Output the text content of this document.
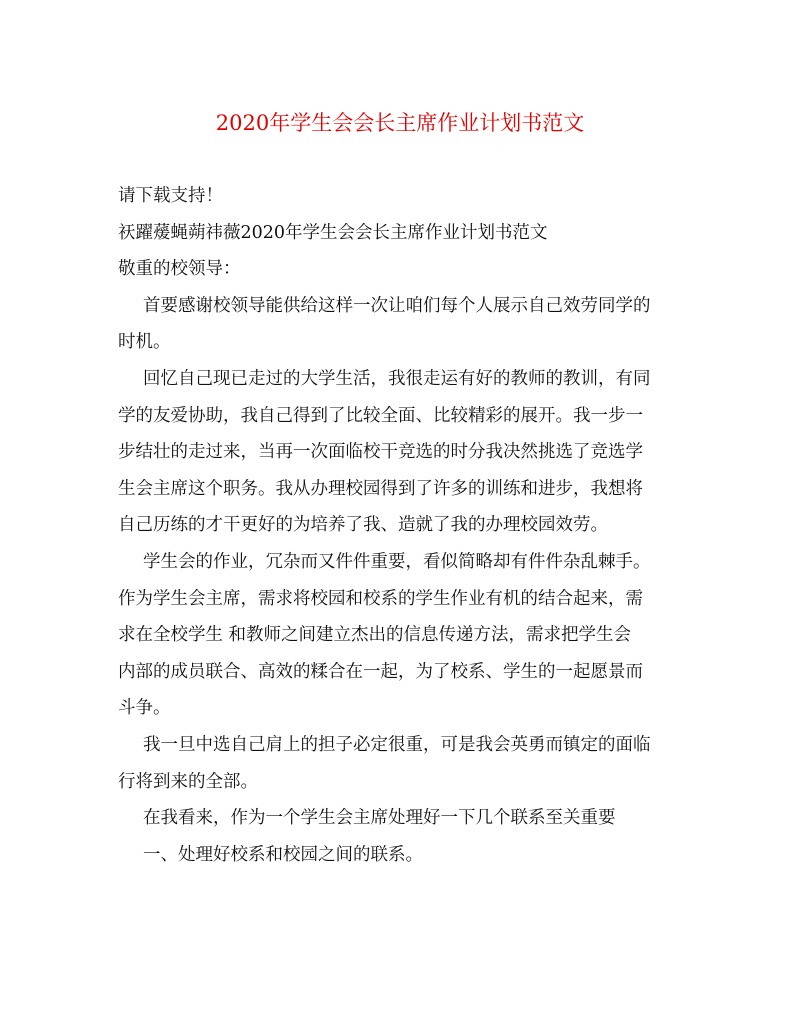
2020年学生会会长主席作业计划书范文

请下载支持！

祆躍蕿蝇蒴祎薇2020年学生会会长主席作业计划书范文

敬重的校领导：

首要感谢校领导能供给这样一次让咱们每个人展示自己效劳同学的

时机。

回忆自己现已走过的大学生活，我很走运有好的教师的教训，有同

学的友爱协助，我自己得到了比较全面、比较精彩的展开。我一步一

步结壮的走过来，当再一次面临校干竞选的时分我决然挑选了竞选学

生会主席这个职务。我从办理校园得到了许多的训练和进步，我想将

自己历练的才干更好的为培养了我、造就了我的办理校园效劳。

学生会的作业，冗杂而又件件重要，看似简略却有件件杂乱棘手。

作为学生会主席，需求将校园和校系的学生作业有机的结合起来，需

求在全校学生 和教师之间建立杰出的信息传递方法，需求把学生会

内部的成员联合、高效的糅合在一起，为了校系、学生的一起愿景而

斗争。

我一旦中选自己肩上的担子必定很重，可是我会英勇而镇定的面临

行将到来的全部。

在我看来，作为一个学生会主席处理好一下几个联系至关重要

一、处理好校系和校园之间的联系。
